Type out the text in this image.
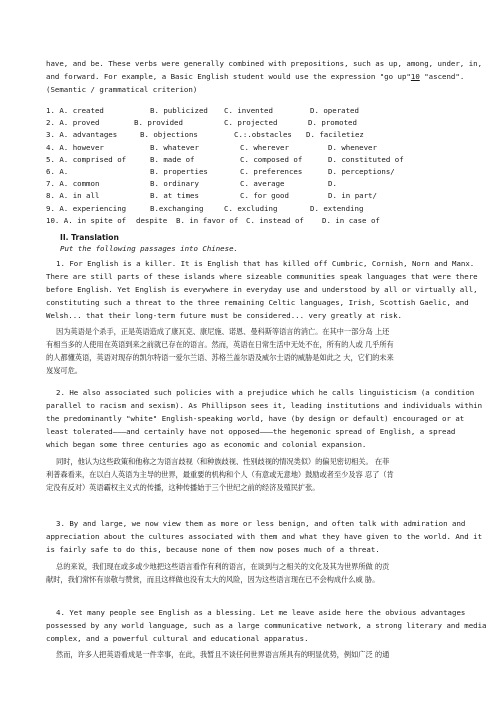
have, and be. These verbs were generally combined with prepositions, such as up, among, under, in,
and forward. For example, a Basic English student would use the expression "go up"10 "ascend".
(Semantic / grammatical criterion)
1. A. created	B. publicized C. invented	D. operated
2. A. proved	B. provided	C. projected	D. promoted
3. A. advantages	B. objections	C.:.obstacles D. faciletiez
4. A. however	B. whatever	C. wherever	D. whenever
5. A. comprised of	B. made of	C. composed of	D. constituted of
6. A.	B. properties	C. preferences	D. perceptions/
7. A. common	B. ordinary	C. average	D.
8. A. in all	B. at times	C. for good	D. in part/
9. A. experiencing	B.exchanging	C. excluding	D. extending
10. A. in spite of despite B. in favor of C. instead of D. in case of
II. Translation
Put the following passages into Chinese.
1. For English is a killer. It is English that has killed off Cumbric, Cornish, Norn and Manx.
There are still parts of these islands where sizeable communities speak languages that were there
before English. Yet English is everywhere in everyday use and understood by all or virtually all,
constituting such a threat to the three remaining Celtic languages, Irish, Scottish Gaelic, and
Welsh... that their long-term future must be considered... very greatly at risk.
因为英语是个杀手，正是英语造成了康瓦克、康尼施、诺恩、曼科斯等语言的消亡。在其中一部分岛 上还
有相当多的人使用在英语到来之前就已存在的语言。然而，英语在日常生活中无处不在，所有的人或 几乎所有
的人都懂英语，英语对现存的凯尔特语一爱尔兰语、苏格兰盖尔语及威尔士语的威胁是如此之 大，它们的未来
岌岌可危。
2. He also associated such policies with a prejudice which he calls linguisticism (a condition
parallel to racism and sexism). As Phillipson sees it, leading institutions and individuals within
the predominantly "white" English-speaking world, have (by design or default) encouraged or at
least tolerated———and certainly have not opposed———the hegemonic spread of English, a spread
which began some three centuries ago as economic and colonial expansion.
同时，他认为这些政策和他称之为语言歧视（和种族歧视、性别歧视的情况类似）的偏见密切相关。 在菲
利普森看来，在以白人英语为主导的世界，最重要的机构和个人（有意或无意地）鼓励或者至少及容 忍了（肯
定没有反对）英语霸权主义式的传播，这种传播始于三个世纪之前的经济及殖民扩张。
3. By and large, we now view them as more or less benign, and often talk with admiration and
appreciation about the cultures associated with them and what they have given to the world. And it
is fairly safe to do this, because none of them now poses much of a threat.
总的来说，我们现在或多或少地把这些语言看作有利的语言，在谈到与之相关的文化及其为世界所做 的贡
献时，我们常怀有崇敬与赞赏，而且这样做也没有太大的风险，因为这些语言现在已不会构成什么威 胁。
4. Yet many people see English as a blessing. Let me leave aside here the obvious advantages
possessed by any world language, such as a large communicative network, a strong literary and media
complex, and a powerful cultural and educational apparatus.
然而，许多人把英语看成是一件幸事，在此，我暂且不谈任何世界语言所具有的明显优势，例如广泛 的通
